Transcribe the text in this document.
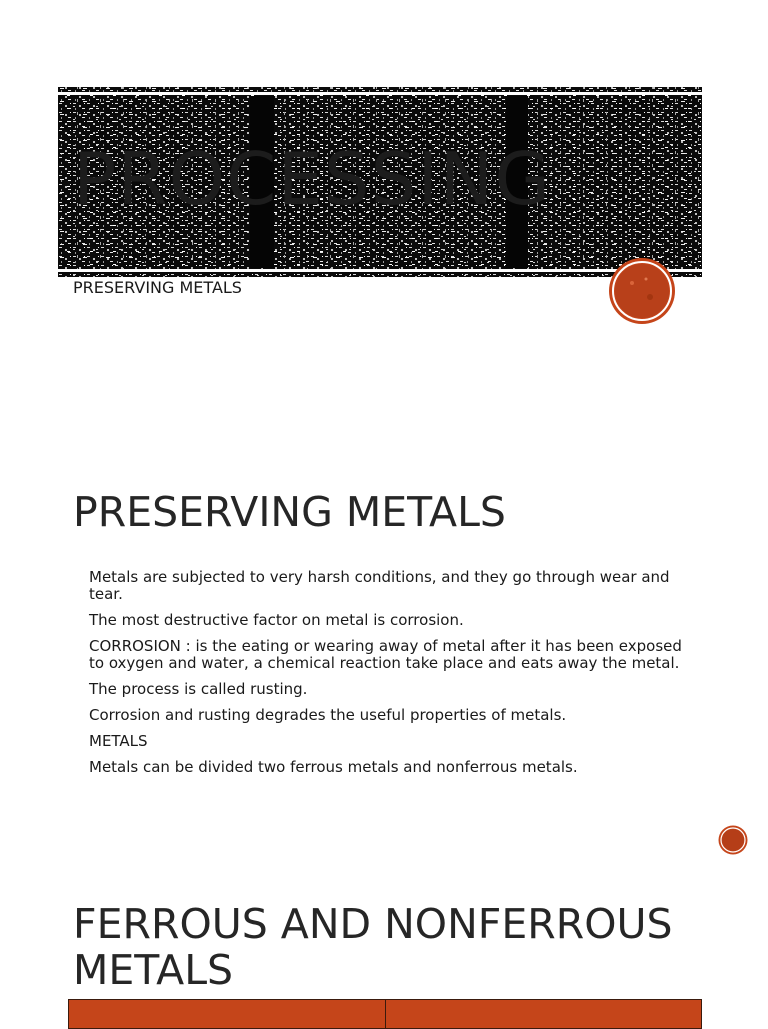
PROCESSING
PRESERVING METALS
PRESERVING METALS
Metals are subjected to very harsh conditions, and they go through wear and tear.
The most destructive factor on metal is corrosion.
CORROSION : is the eating or wearing away of metal after it has been exposed to oxygen and water, a chemical reaction take place and eats away the metal.
The process is called rusting.
Corrosion and rusting degrades the useful properties of metals.
METALS
Metals can be divided two ferrous metals and nonferrous metals.
FERROUS AND NONFERROUS METALS
